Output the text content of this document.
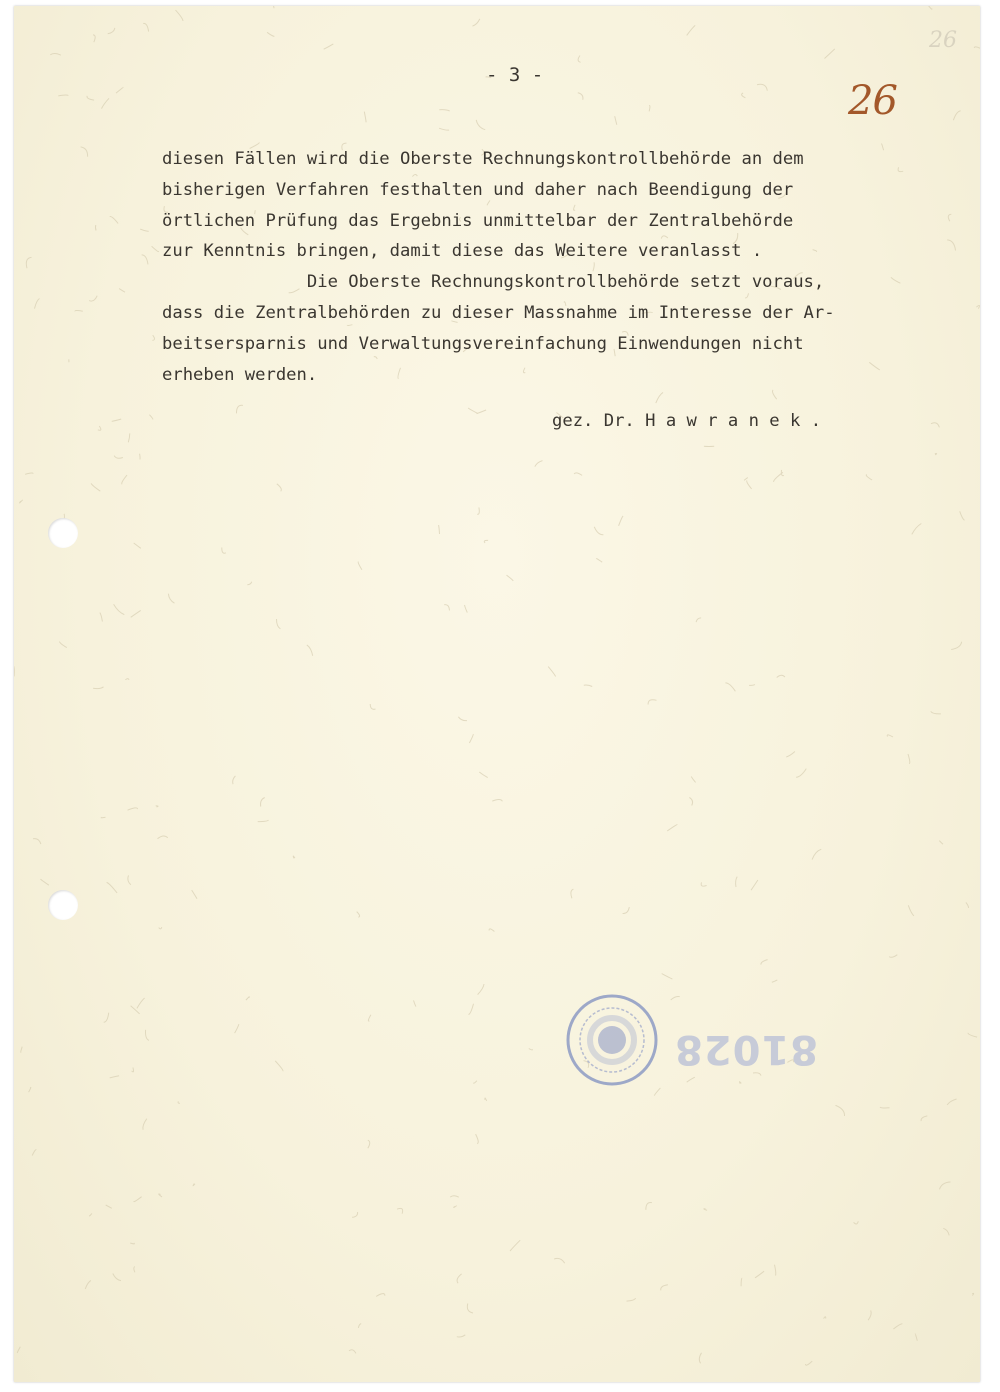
26
- 3 -
26
diesen Fällen wird die Oberste Rechnungskontrollbehörde an dem
bisherigen Verfahren festhalten und daher nach Beendigung der
örtlichen Prüfung das Ergebnis unmittelbar der Zentralbehörde
zur Kenntnis bringen, damit diese das Weitere veranlasst .
Die Oberste Rechnungskontrollbehörde setzt voraus,
dass die Zentralbehörden zu dieser Massnahme im Interesse der Ar-
beitsersparnis und Verwaltungsvereinfachung Einwendungen nicht
erheben werden.
gez. Dr. H a w r a n e k .
81028
